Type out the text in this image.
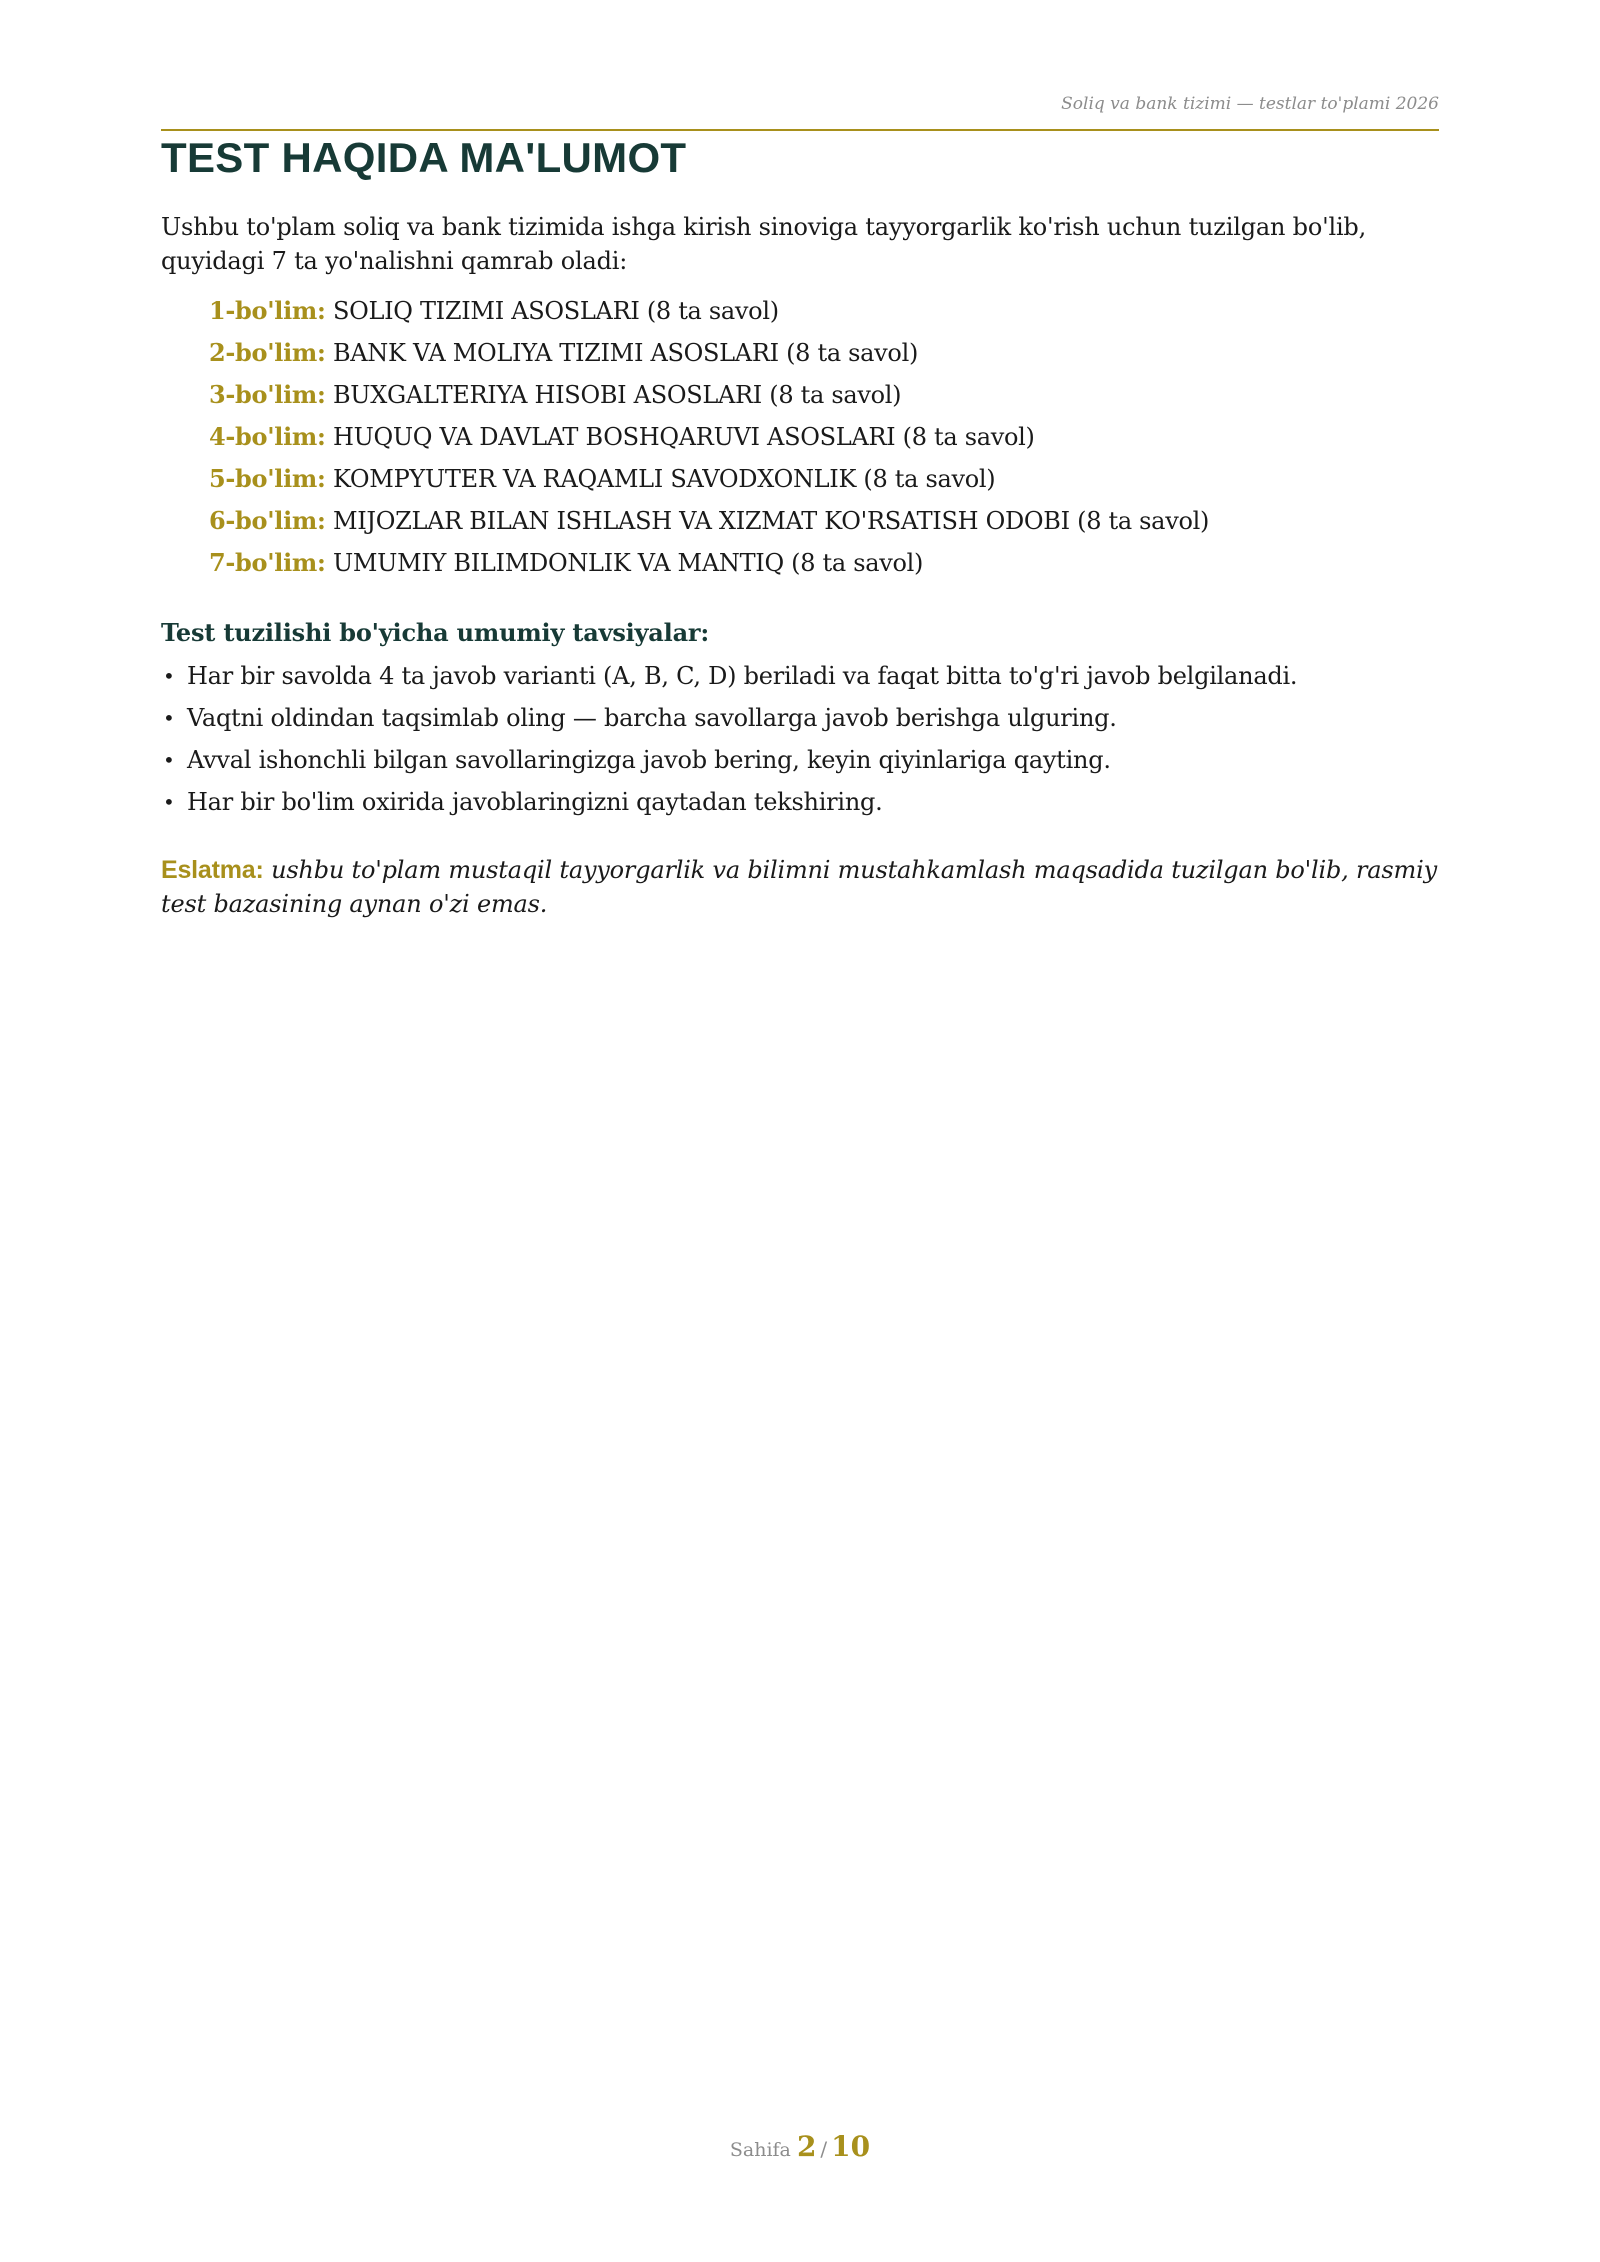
Soliq va bank tizimi — testlar to'plami 2026
TEST HAQIDA MA'LUMOT

Ushbu to'plam soliq va bank tizimida ishga kirish sinoviga tayyorgarlik ko'rish uchun tuzilgan bo'lib, quyidagi 7 ta yo'nalishni qamrab oladi:

1-bo'lim: SOLIQ TIZIMI ASOSLARI (8 ta savol)
2-bo'lim: BANK VA MOLIYA TIZIMI ASOSLARI (8 ta savol)
3-bo'lim: BUXGALTERIYA HISOBI ASOSLARI (8 ta savol)
4-bo'lim: HUQUQ VA DAVLAT BOSHQARUVI ASOSLARI (8 ta savol)
5-bo'lim: KOMPYUTER VA RAQAMLI SAVODXONLIK (8 ta savol)
6-bo'lim: MIJOZLAR BILAN ISHLASH VA XIZMAT KO'RSATISH ODOBI (8 ta savol)
7-bo'lim: UMUMIY BILIMDONLIK VA MANTIQ (8 ta savol)
Test tuzilishi bo'yicha umumiy tavsiyalar:
• Har bir savolda 4 ta javob varianti (A, B, C, D) beriladi va faqat bitta to'g'ri javob belgilanadi.
• Vaqtni oldindan taqsimlab oling — barcha savollarga javob berishga ulguring.
• Avval ishonchli bilgan savollaringizga javob bering, keyin qiyinlariga qayting.
• Har bir bo'lim oxirida javoblaringizni qaytadan tekshiring.

Eslatma: ushbu to'plam mustaqil tayyorgarlik va bilimni mustahkamlash maqsadida tuzilgan bo'lib, rasmiy test bazasining aynan o'zi emas.

Sahifa 2 / 10
